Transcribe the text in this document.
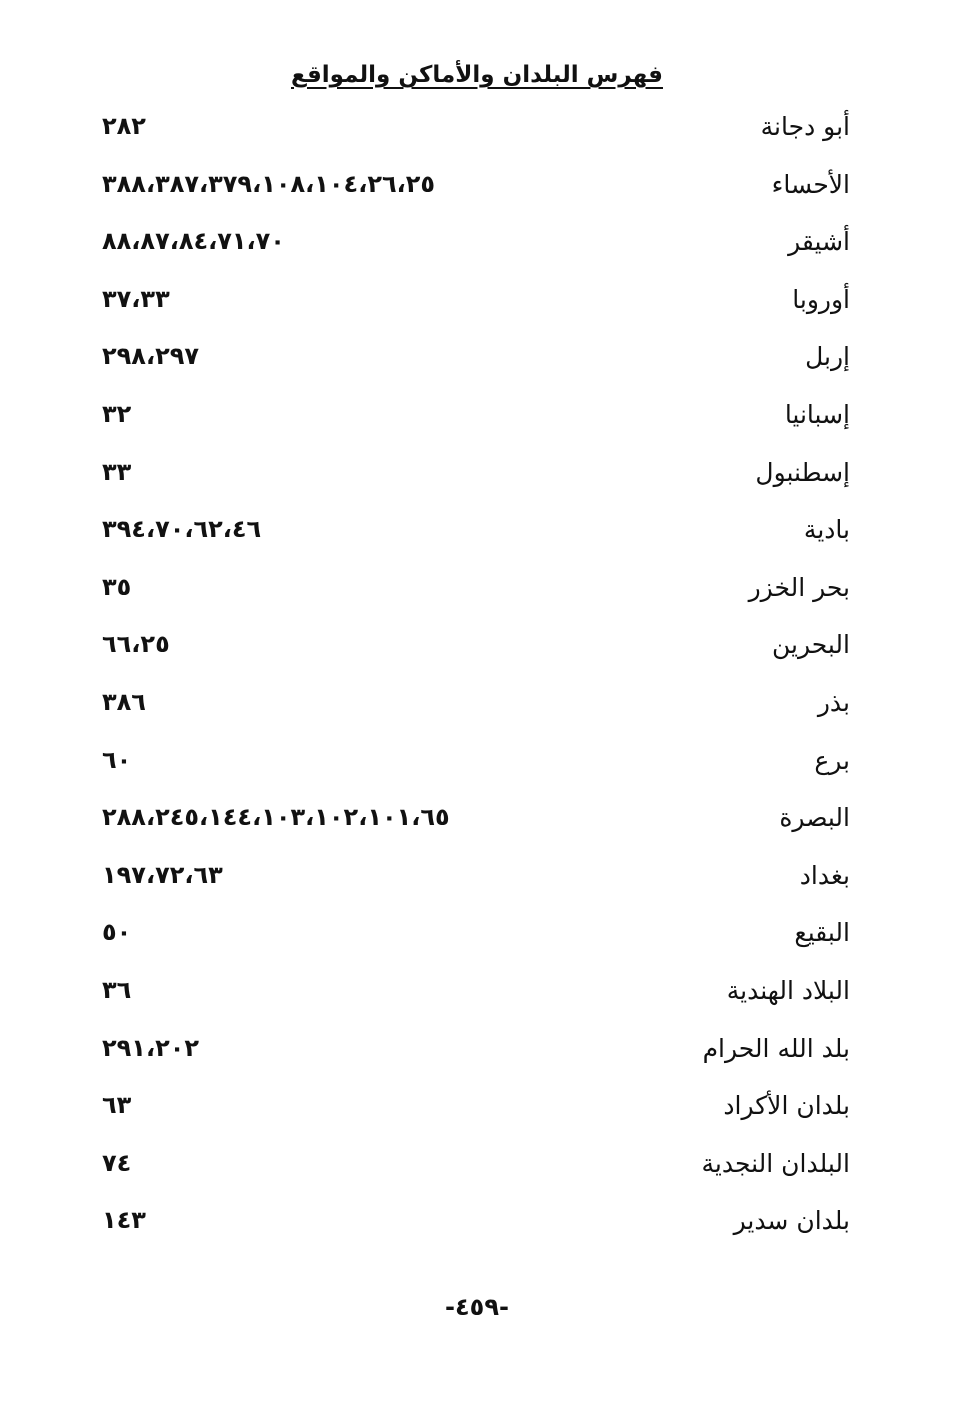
فهرس البلدان والأماكن والمواقع
أبو دجانة
٢٨٢
الأحساء
٣٨٨،٣٨٧،٣٧٩،١٠٨،١٠٤،٢٦،٢٥
أشيقر
٨٨،٨٧،٨٤،٧١،٧٠
أوروبا
٣٧،٣٣
إربل
٢٩٨،٢٩٧
إسبانيا
٣٢
إسطنبول
٣٣
بادية
٣٩٤،٧٠،٦٢،٤٦
بحر الخزر
٣٥
البحرين
٦٦،٢٥
بذر
٣٨٦
برع
٦٠
البصرة
٢٨٨،٢٤٥،١٤٤،١٠٣،١٠٢،١٠١،٦٥
بغداد
١٩٧،٧٢،٦٣
البقيع
٥٠
البلاد الهندية
٣٦
بلد الله الحرام
٢٩١،٢٠٢
بلدان الأكراد
٦٣
البلدان النجدية
٧٤
بلدان سدير
١٤٣
-٤٥٩-
